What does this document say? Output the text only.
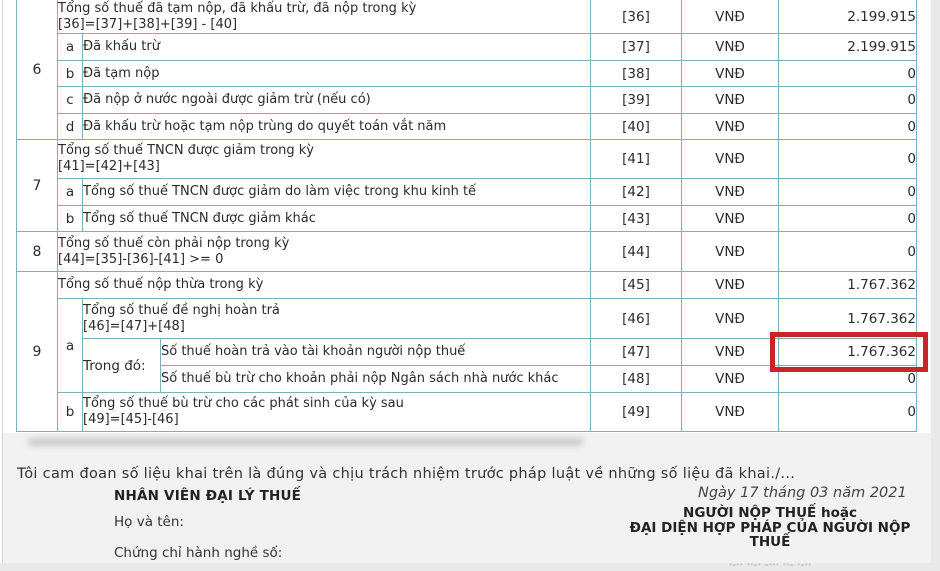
6	Tổng số thuế đã tạm nộp, đã khấu trừ, đã nộp trong kỳ
[36]=[37]+[38]+[39] - [40]			[36]	VNĐ	2.199.915
	a	Đã khấu trừ		[37]	VNĐ	2.199.915
	b	Đã tạm nộp		[38]	VNĐ	0
	c	Đã nộp ở nước ngoài được giảm trừ (nếu có)		[39]	VNĐ	0
	d	Đã khấu trừ hoặc tạm nộp trùng do quyết toán vắt năm		[40]	VNĐ	0
7	Tổng số thuế TNCN được giảm trong kỳ
[41]=[42]+[43]			[41]	VNĐ	0
	a	Tổng số thuế TNCN được giảm do làm việc trong khu kinh tế		[42]	VNĐ	0
	b	Tổng số thuế TNCN được giảm khác		[43]	VNĐ	0
8	Tổng số thuế còn phải nộp trong kỳ
[44]=[35]-[36]-[41] >= 0			[44]	VNĐ	0
9	Tổng số thuế nộp thừa trong kỳ			[45]	VNĐ	1.767.362
	a	Tổng số thuế đề nghị hoàn trả
[46]=[47]+[48]		[46]	VNĐ	1.767.362
		Trong đó:	Số thuế hoàn trả vào tài khoản người nộp thuế	[47]	VNĐ	1.767.362
			Số thuế bù trừ cho khoản phải nộp Ngân sách nhà nước khác	[48]	VNĐ	0
	b	Tổng số thuế bù trừ cho các phát sinh của kỳ sau
[49]=[45]-[46]		[49]	VNĐ	0
Tôi cam đoan số liệu khai trên là đúng và chịu trách nhiệm trước pháp luật về những số liệu đã khai./...
NHÂN VIÊN ĐẠI LÝ THUẾ	Ngày 17 tháng 03 năm 2021
Họ và tên:
Chứng chỉ hành nghề số:
NGƯỜI NỘP THUẾ hoặc
ĐẠI DIỆN HỢP PHÁP CỦA NGƯỜI NỘP
THUẾ
·‐·· ··‐· ‐··· ··‐ ·‐··
